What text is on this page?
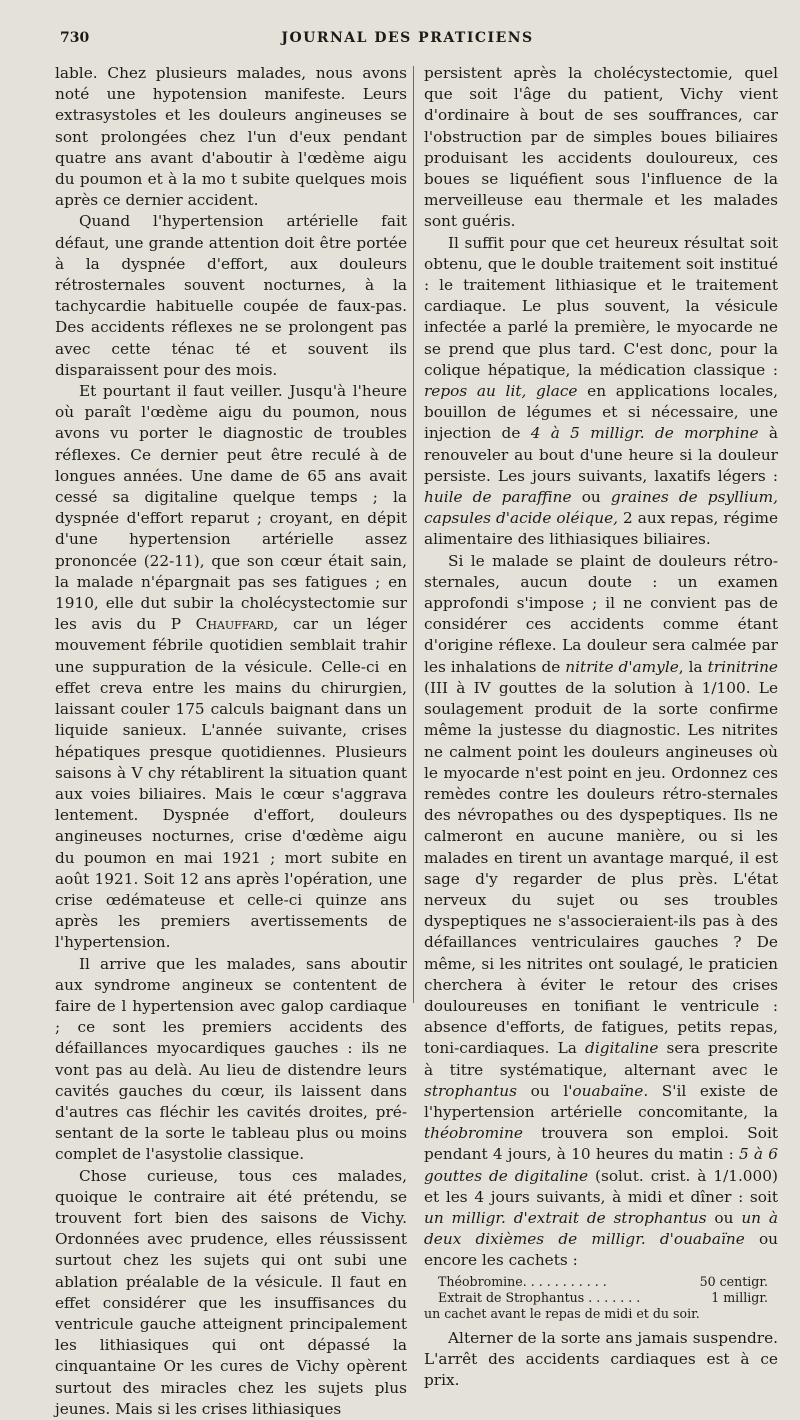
730	JOURNAL DES PRATICIENS

lable. Chez plusieurs malades, nous avons noté une hypotension manifeste. Leurs extrasystoles et les douleurs angineuses se sont prolongées chez l'un d'eux pendant quatre ans avant d'aboutir à l'œdème aigu du poumon et à la mo t subite quelques mois après ce dernier accident.

Quand l'hypertension artérielle fait défaut, une grande attention doit être portée à la dyspnée d'effort, aux douleurs rétrosternales souvent nocturnes, à la tachycardie habituelle coupée de faux-pas. Des accidents réflexes ne se prolongent pas avec cette ténac té et souvent ils disparaissent pour des mois.

Et pourtant il faut veiller. Jusqu'à l'heure où paraît l'œdème aigu du poumon, nous avons vu porter le diagnostic de troubles réflexes. Ce dernier peut être reculé à de longues années. Une dame de 65 ans avait cessé sa digitaline quelque temps ; la dyspnée d'effort reparut ; croyant, en dépit d'une hypertension artérielle assez prononcée (22-11), que son cœur était sain, la malade n'épargnait pas ses fatigues ; en 1910, elle dut subir la cholécystectomie sur les avis du P Chauffard, car un léger mouvement fébrile quotidien semblait trahir une suppuration de la vésicule. Celle-ci en effet creva entre les mains du chirurgien, laissant couler 175 calculs baignant dans un liquide sanieux. L'année suivante, crises hépatiques presque quotidiennes. Plusieurs saisons à V chy rétablirent la situation quant aux voies biliaires. Mais le cœur s'aggrava lentement. Dyspnée d'effort, douleurs angineuses nocturnes, crise d'œdème aigu du poumon en mai 1921 ; mort subite en août 1921. Soit 12 ans après l'opération, une crise œdémateuse et celle-ci quinze ans après les premiers avertissements de l'hypertension.

Il arrive que les malades, sans aboutir aux syndrome angineux se contentent de faire de l hypertension avec galop cardiaque ; ce sont les premiers accidents des défaillances myocardiques gauches : ils ne vont pas au delà. Au lieu de distendre leurs cavités gauches du cœur, ils laissent dans d'autres cas fléchir les cavités droites, présentant de la sorte le tableau plus ou moins complet de l'asystolie classique.

Chose curieuse, tous ces malades, quoique le contraire ait été prétendu, se trouvent fort bien des saisons de Vichy. Ordonnées avec prudence, elles réussissent surtout chez les sujets qui ont subi une ablation préalable de la vésicule. Il faut en effet considérer que les insuffisances du ventricule gauche atteignent principalement les lithiasiques qui ont dépassé la cinquantaine Or les cures de Vichy opèrent surtout des miracles chez les sujets plus jeunes. Mais si les crises lithiasiques

persistent après la cholécystectomie, quel que soit l'âge du patient, Vichy vient d'ordinaire à bout de ses souffrances, car l'obstruction par de simples boues biliaires produisant les accidents douloureux, ces boues se liquéfient sous l'influence de la merveilleuse eau thermale et les malades sont guéris.

Il suffit pour que cet heureux résultat soit obtenu, que le double traitement soit institué : le traitement lithiasique et le traitement cardiaque. Le plus souvent, la vésicule infectée a parlé la première, le myocarde ne se prend que plus tard. C'est donc, pour la colique hépatique, la médication classique : repos au lit, glace en applications locales, bouillon de légumes et si nécessaire, une injection de 4 à 5 milligr. de morphine à renouveler au bout d'une heure si la douleur persiste. Les jours suivants, laxatifs légers : huile de paraffine ou graines de psyllium, capsules d'acide oléique, 2 aux repas, régime alimentaire des lithiasiques biliaires.

Si le malade se plaint de douleurs rétro-sternales, aucun doute : un examen approfondi s'impose ; il ne convient pas de considérer ces accidents comme étant d'origine réflexe. La douleur sera calmée par les inhalations de nitrite d'amyle, la trinitrine (III à IV gouttes de la solution à 1/100. Le soulagement produit de la sorte confirme même la justesse du diagnostic. Les nitrites ne calment point les douleurs angineuses où le myocarde n'est point en jeu. Ordonnez ces remèdes contre les douleurs rétro-sternales des névropathes ou des dyspeptiques. Ils ne calmeront en aucune manière, ou si les malades en tirent un avantage marqué, il est sage d'y regarder de plus près. L'état nerveux du sujet ou ses troubles dyspeptiques ne s'associeraient-ils pas à des défaillances ventriculaires gauches ? De même, si les nitrites ont soulagé, le praticien cherchera à éviter le retour des crises douloureuses en tonifiant le ventricule : absence d'efforts, de fatigues, petits repas, toni-cardiaques. La digitaline sera prescrite à titre systématique, alternant avec le strophantus ou l'ouabaïne. S'il existe de l'hypertension artérielle concomitante, la théobromine trouvera son emploi. Soit pendant 4 jours, à 10 heures du matin : 5 à 6 gouttes de digitaline (solut. crist. à 1/1.000) et les 4 jours suivants, à midi et dîner : soit un milligr. d'extrait de strophantus ou un à deux dixièmes de milligr. d'ouabaïne ou encore les cachets :

Théobromine. . . . . . . . . . .	50 centigr.
Extrait de Strophantus . . . . . . .	1 milligr.
un cachet avant le repas de midi et du soir.

Alterner de la sorte ans jamais suspendre. L'arrêt des accidents cardiaques est à ce prix.
